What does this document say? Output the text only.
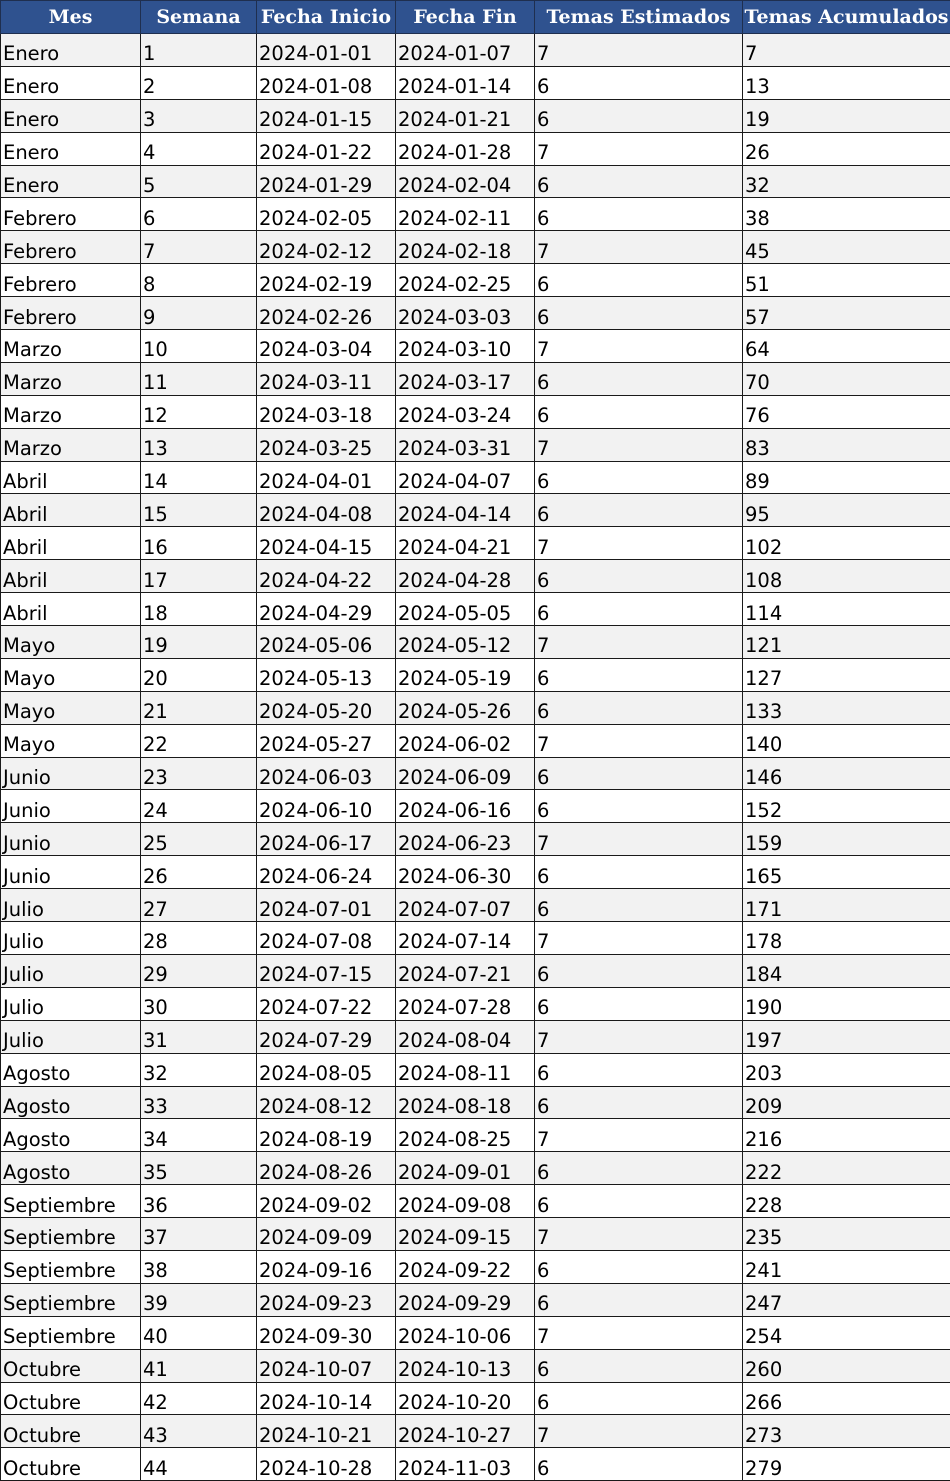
Mes	Semana	Fecha Inicio	Fecha Fin	Temas Estimados	Temas Acumulados
Enero	1	2024-01-01	2024-01-07	7	7
Enero	2	2024-01-08	2024-01-14	6	13
Enero	3	2024-01-15	2024-01-21	6	19
Enero	4	2024-01-22	2024-01-28	7	26
Enero	5	2024-01-29	2024-02-04	6	32
Febrero	6	2024-02-05	2024-02-11	6	38
Febrero	7	2024-02-12	2024-02-18	7	45
Febrero	8	2024-02-19	2024-02-25	6	51
Febrero	9	2024-02-26	2024-03-03	6	57
Marzo	10	2024-03-04	2024-03-10	7	64
Marzo	11	2024-03-11	2024-03-17	6	70
Marzo	12	2024-03-18	2024-03-24	6	76
Marzo	13	2024-03-25	2024-03-31	7	83
Abril	14	2024-04-01	2024-04-07	6	89
Abril	15	2024-04-08	2024-04-14	6	95
Abril	16	2024-04-15	2024-04-21	7	102
Abril	17	2024-04-22	2024-04-28	6	108
Abril	18	2024-04-29	2024-05-05	6	114
Mayo	19	2024-05-06	2024-05-12	7	121
Mayo	20	2024-05-13	2024-05-19	6	127
Mayo	21	2024-05-20	2024-05-26	6	133
Mayo	22	2024-05-27	2024-06-02	7	140
Junio	23	2024-06-03	2024-06-09	6	146
Junio	24	2024-06-10	2024-06-16	6	152
Junio	25	2024-06-17	2024-06-23	7	159
Junio	26	2024-06-24	2024-06-30	6	165
Julio	27	2024-07-01	2024-07-07	6	171
Julio	28	2024-07-08	2024-07-14	7	178
Julio	29	2024-07-15	2024-07-21	6	184
Julio	30	2024-07-22	2024-07-28	6	190
Julio	31	2024-07-29	2024-08-04	7	197
Agosto	32	2024-08-05	2024-08-11	6	203
Agosto	33	2024-08-12	2024-08-18	6	209
Agosto	34	2024-08-19	2024-08-25	7	216
Agosto	35	2024-08-26	2024-09-01	6	222
Septiembre	36	2024-09-02	2024-09-08	6	228
Septiembre	37	2024-09-09	2024-09-15	7	235
Septiembre	38	2024-09-16	2024-09-22	6	241
Septiembre	39	2024-09-23	2024-09-29	6	247
Septiembre	40	2024-09-30	2024-10-06	7	254
Octubre	41	2024-10-07	2024-10-13	6	260
Octubre	42	2024-10-14	2024-10-20	6	266
Octubre	43	2024-10-21	2024-10-27	7	273
Octubre	44	2024-10-28	2024-11-03	6	279
